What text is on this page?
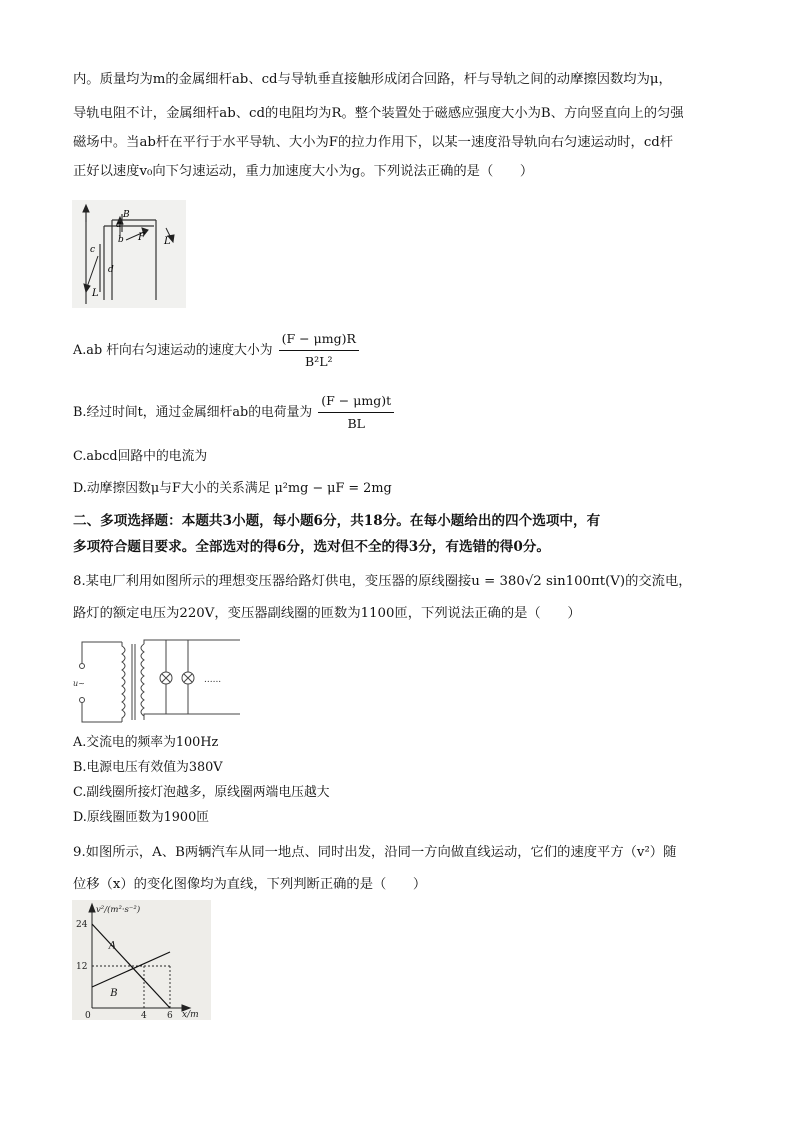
内。质量均为m的金属细杆ab、cd与导轨垂直接触形成闭合回路，杆与导轨之间的动摩擦因数均为μ，
导轨电阻不计，金属细杆ab、cd的电阻均为R。整个装置处于磁感应强度大小为B、方向竖直向上的匀强
磁场中。当ab杆在平行于水平导轨、大小为F的拉力作用下，以某一速度沿导轨向右匀速运动时，cd杆
正好以速度v₀向下匀速运动，重力加速度大小为g。下列说法正确的是（　　）
a
B
b F L
c
d
L
A.ab 杆向右匀速运动的速度大小为 $\frac{\text{(F − μmg)R}}{\text{B²L²}}$
B.经过时间t，通过金属细杆ab的电荷量为 $\frac{\text{(F − μmg)t}}{BL}$
C.abcd回路中的电流为
D.动摩擦因数μ与F大小的关系满足 μ²mg − μF = 2mg
二、多项选择题：本题共3小题，每小题6分，共18分。在每小题给出的四个选项中，有
多项符合题目要求。全部选对的得6分，选对但不全的得3分，有选错的得0分。
8.某电厂利用如图所示的理想变压器给路灯供电，变压器的原线圈接u = 380√2 sin100πt(V)的交流电，
路灯的额定电压为220V，变压器副线圈的匝数为1100匝，下列说法正确的是（　　）
u~	......
A.交流电的频率为100Hz
B.电源电压有效值为380V
C.副线圈所接灯泡越多，原线圈两端电压越大
D.原线圈匝数为1900匝
9.如图所示，A、B两辆汽车从同一地点、同时出发，沿同一方向做直线运动，它们的速度平方（v²）随
位移（x）的变化图像均为直线，下列判断正确的是（　　）
v²/(m²·s⁻²)
x/m
0	4 6
12
24
A
B
